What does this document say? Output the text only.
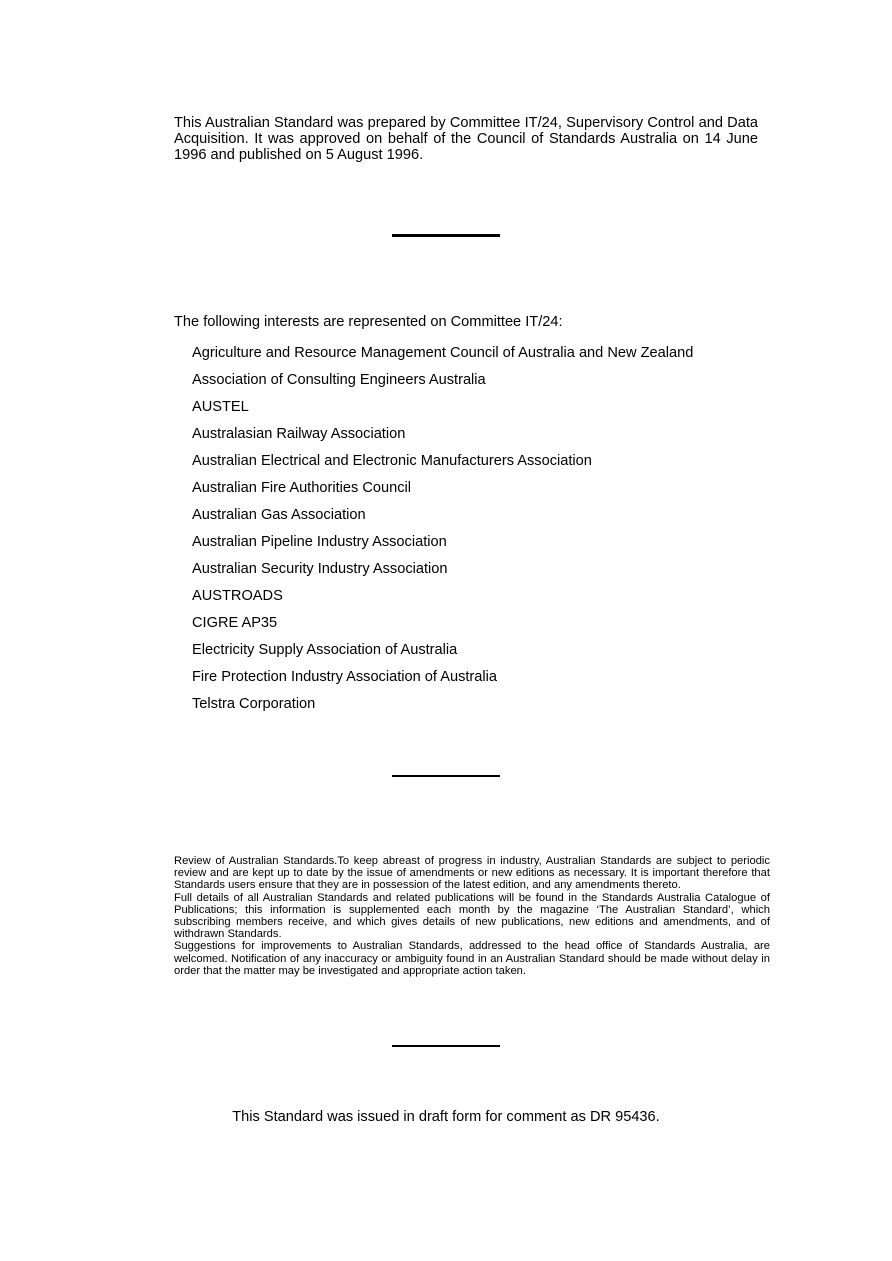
This Australian Standard was prepared by Committee IT/24, Supervisory Control and Data Acquisition. It was approved on behalf of the Council of Standards Australia on 14 June 1996 and published on 5 August 1996.
The following interests are represented on Committee IT/24:
Agriculture and Resource Management Council of Australia and New Zealand
Association of Consulting Engineers Australia
AUSTEL
Australasian Railway Association
Australian Electrical and Electronic Manufacturers Association
Australian Fire Authorities Council
Australian Gas Association
Australian Pipeline Industry Association
Australian Security Industry Association
AUSTROADS
CIGRE AP35
Electricity Supply Association of Australia
Fire Protection Industry Association of Australia
Telstra Corporation

Review of Australian Standards.To keep abreast of progress in industry, Australian Standards are subject to periodic review and are kept up to date by the issue of amendments or new editions as necessary. It is important therefore that Standards users ensure that they are in possession of the latest edition, and any amendments thereto.

Full details of all Australian Standards and related publications will be found in the Standards Australia Catalogue of Publications; this information is supplemented each month by the magazine ‘The Australian Standard’, which subscribing members receive, and which gives details of new publications, new editions and amendments, and of withdrawn Standards.

Suggestions for improvements to Australian Standards, addressed to the head office of Standards Australia, are welcomed. Notification of any inaccuracy or ambiguity found in an Australian Standard should be made without delay in order that the matter may be investigated and appropriate action taken.

This Standard was issued in draft form for comment as DR 95436.
